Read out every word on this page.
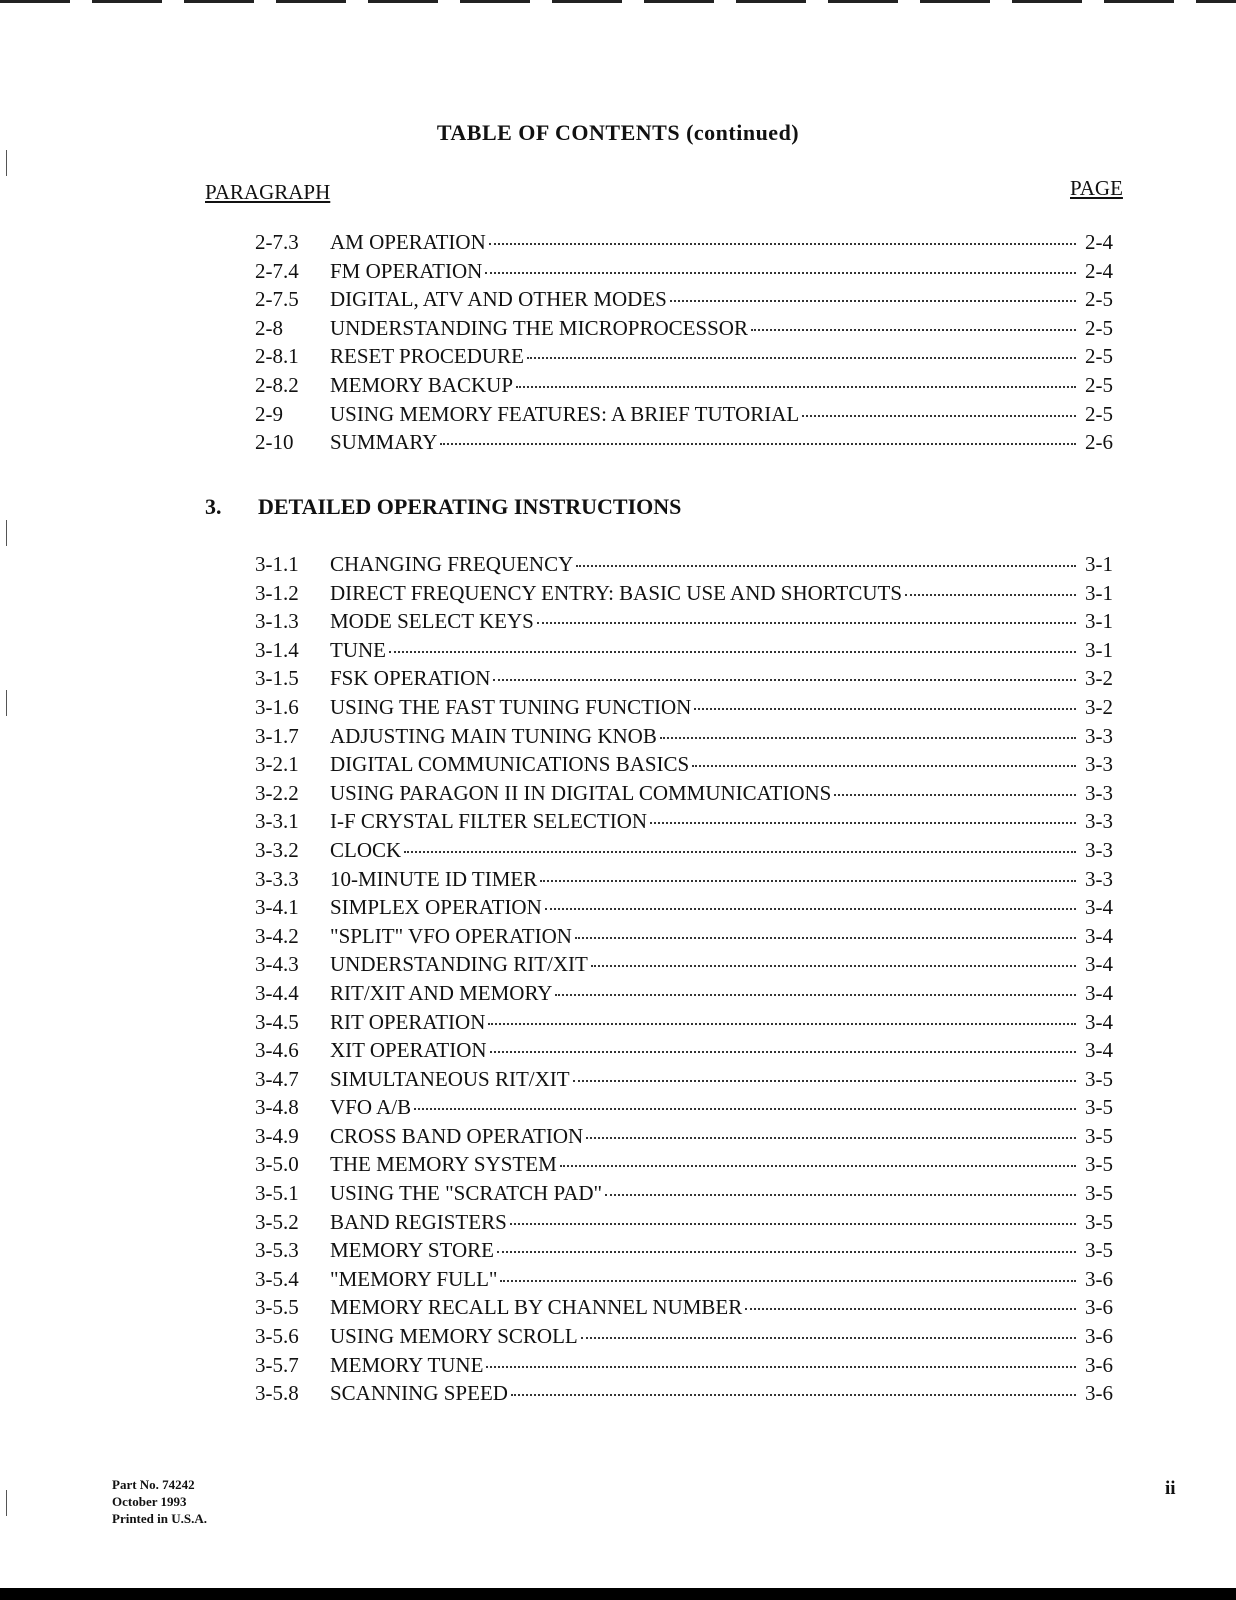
TABLE OF CONTENTS (continued)
PARAGRAPH	PAGE
2-7.3	AM OPERATION	2-4
2-7.4	FM OPERATION	2-4
2-7.5	DIGITAL, ATV AND OTHER MODES	2-5
2-8	UNDERSTANDING THE MICROPROCESSOR	2-5
2-8.1	RESET PROCEDURE	2-5
2-8.2	MEMORY BACKUP	2-5
2-9	USING MEMORY FEATURES: A BRIEF TUTORIAL	2-5
2-10	SUMMARY	2-6
3. DETAILED OPERATING INSTRUCTIONS
3-1.1	CHANGING FREQUENCY	3-1
3-1.2	DIRECT FREQUENCY ENTRY: BASIC USE AND SHORTCUTS	3-1
3-1.3	MODE SELECT KEYS	3-1
3-1.4	TUNE	3-1
3-1.5	FSK OPERATION	3-2
3-1.6	USING THE FAST TUNING FUNCTION	3-2
3-1.7	ADJUSTING MAIN TUNING KNOB	3-3
3-2.1	DIGITAL COMMUNICATIONS BASICS	3-3
3-2.2	USING PARAGON II IN DIGITAL COMMUNICATIONS	3-3
3-3.1	I-F CRYSTAL FILTER SELECTION	3-3
3-3.2	CLOCK	3-3
3-3.3	10-MINUTE ID TIMER	3-3
3-4.1	SIMPLEX OPERATION	3-4
3-4.2	"SPLIT" VFO OPERATION	3-4
3-4.3	UNDERSTANDING RIT/XIT	3-4
3-4.4	RIT/XIT AND MEMORY	3-4
3-4.5	RIT OPERATION	3-4
3-4.6	XIT OPERATION	3-4
3-4.7	SIMULTANEOUS RIT/XIT	3-5
3-4.8	VFO A/B	3-5
3-4.9	CROSS BAND OPERATION	3-5
3-5.0	THE MEMORY SYSTEM	3-5
3-5.1	USING THE "SCRATCH PAD"	3-5
3-5.2	BAND REGISTERS	3-5
3-5.3	MEMORY STORE	3-5
3-5.4	"MEMORY FULL"	3-6
3-5.5	MEMORY RECALL BY CHANNEL NUMBER	3-6
3-5.6	USING MEMORY SCROLL	3-6
3-5.7	MEMORY TUNE	3-6
3-5.8	SCANNING SPEED	3-6
Part No. 74242
October 1993
Printed in U.S.A.
ii
